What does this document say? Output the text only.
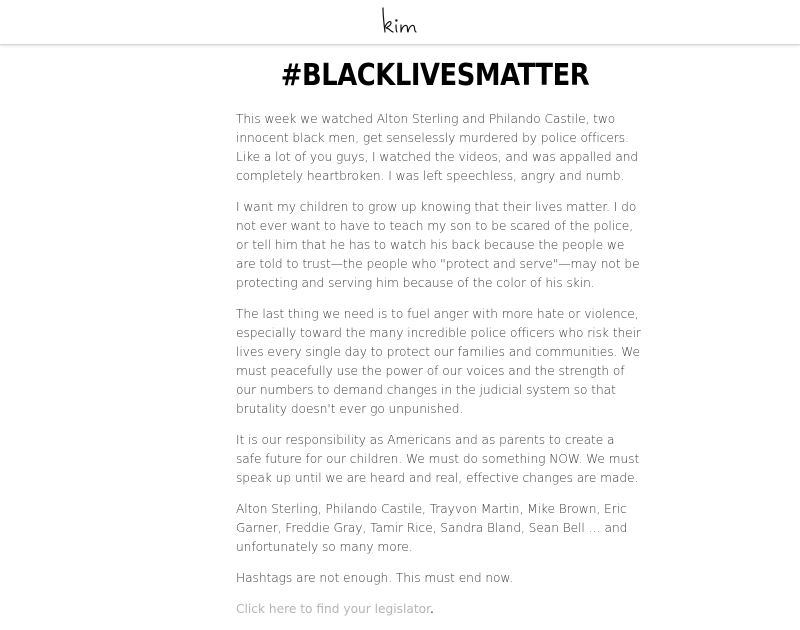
#BLACKLIVESMATTER

This week we watched Alton Sterling and Philando Castile, two innocent black men, get senselessly murdered by police officers. Like a lot of you guys, I watched the videos, and was appalled and completely heartbroken. I was left speechless, angry and numb.

I want my children to grow up knowing that their lives matter. I do not ever want to have to teach my son to be scared of the police, or tell him that he has to watch his back because the people we are told to trust—the people who "protect and serve"—may not be protecting and serving him because of the color of his skin.

The last thing we need is to fuel anger with more hate or violence, especially toward the many incredible police officers who risk their lives every single day to protect our families and communities. We must peacefully use the power of our voices and the strength of our numbers to demand changes in the judicial system so that brutality doesn't ever go unpunished.

It is our responsibility as Americans and as parents to create a safe future for our children. We must do something NOW. We must speak up until we are heard and real, effective changes are made.

Alton Sterling, Philando Castile, Trayvon Martin, Mike Brown, Eric Garner, Freddie Gray, Tamir Rice, Sandra Bland, Sean Bell … and unfortunately so many more.

Hashtags are not enough. This must end now.

Click here to find your legislator.
